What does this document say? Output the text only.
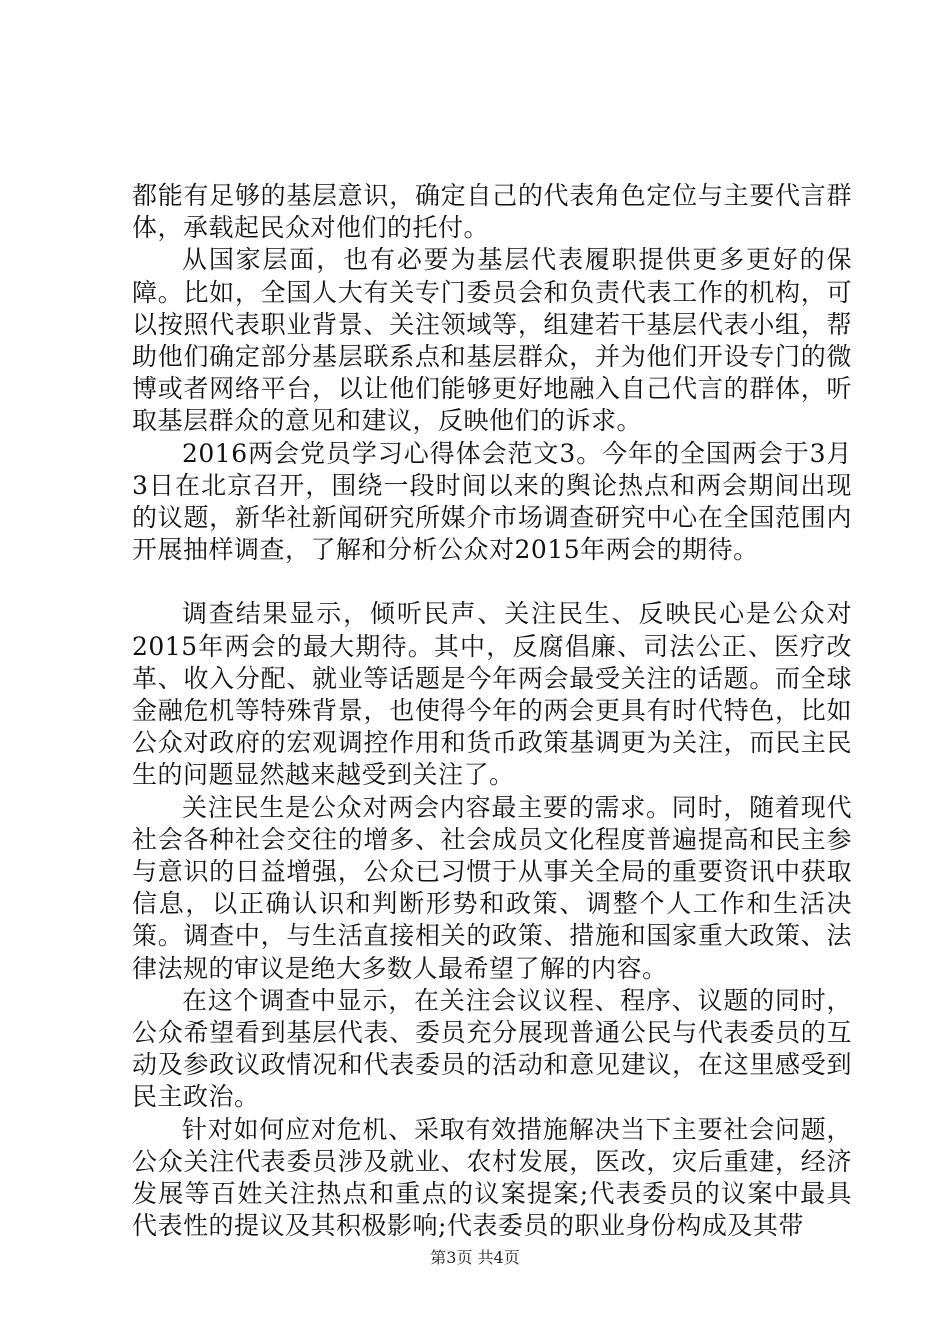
都能有足够的基层意识，确定自己的代表角色定位与主要代言群体，承载起民众对他们的托付。

从国家层面，也有必要为基层代表履职提供更多更好的保障。比如，全国人大有关专门委员会和负责代表工作的机构，可以按照代表职业背景、关注领域等，组建若干基层代表小组，帮助他们确定部分基层联系点和基层群众，并为他们开设专门的微博或者网络平台，以让他们能够更好地融入自己代言的群体，听取基层群众的意见和建议，反映他们的诉求。

2016两会党员学习心得体会范文3。今年的全国两会于3月3日在北京召开，围绕一段时间以来的舆论热点和两会期间出现的议题，新华社新闻研究所媒介市场调查研究中心在全国范围内开展抽样调查，了解和分析公众对2015年两会的期待。

调查结果显示，倾听民声、关注民生、反映民心是公众对2015年两会的最大期待。其中，反腐倡廉、司法公正、医疗改革、收入分配、就业等话题是今年两会最受关注的话题。而全球金融危机等特殊背景，也使得今年的两会更具有时代特色，比如公众对政府的宏观调控作用和货币政策基调更为关注，而民主民生的问题显然越来越受到关注了。

关注民生是公众对两会内容最主要的需求。同时，随着现代社会各种社会交往的增多、社会成员文化程度普遍提高和民主参与意识的日益增强，公众已习惯于从事关全局的重要资讯中获取信息，以正确认识和判断形势和政策、调整个人工作和生活决策。调查中，与生活直接相关的政策、措施和国家重大政策、法律法规的审议是绝大多数人最希望了解的内容。

在这个调查中显示，在关注会议议程、程序、议题的同时，公众希望看到基层代表、委员充分展现普通公民与代表委员的互动及参政议政情况和代表委员的活动和意见建议，在这里感受到民主政治。

针对如何应对危机、采取有效措施解决当下主要社会问题，公众关注代表委员涉及就业、农村发展，医改，灾后重建，经济发展等百姓关注热点和重点的议案提案;代表委员的议案中最具代表性的提议及其积极影响;代表委员的职业身份构成及其带

第3页 共4页
